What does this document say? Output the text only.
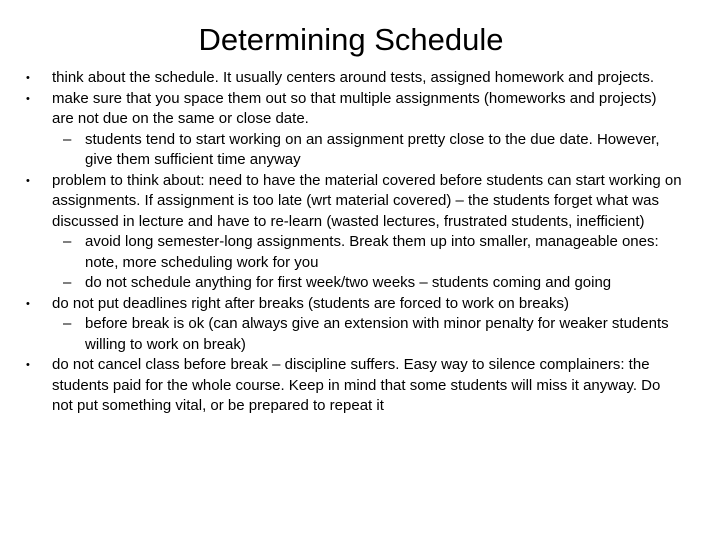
Determining Schedule
• think about the schedule. It usually centers around tests, assigned homework and projects.
• make sure that you space them out so that multiple assignments (homeworks and projects) are not due on the same or close date.
– students tend to start working on an assignment pretty close to the due date. However, give them sufficient time anyway
• problem to think about: need to have the material covered before students can start working on assignments. If assignment is too late (wrt material covered) – the students forget what was discussed in lecture and have to re-learn (wasted lectures, frustrated students, inefficient)
– avoid long semester-long assignments. Break them up into smaller, manageable ones: note, more scheduling work for you
– do not schedule anything for first week/two weeks – students coming and going
• do not put deadlines right after breaks (students are forced to work on breaks)
– before break is ok (can always give an extension with minor penalty for weaker students willing to work on break)
• do not cancel class before break – discipline suffers. Easy way to silence complainers: the students paid for the whole course. Keep in mind that some students will miss it anyway. Do not put something vital, or be prepared to repeat it
